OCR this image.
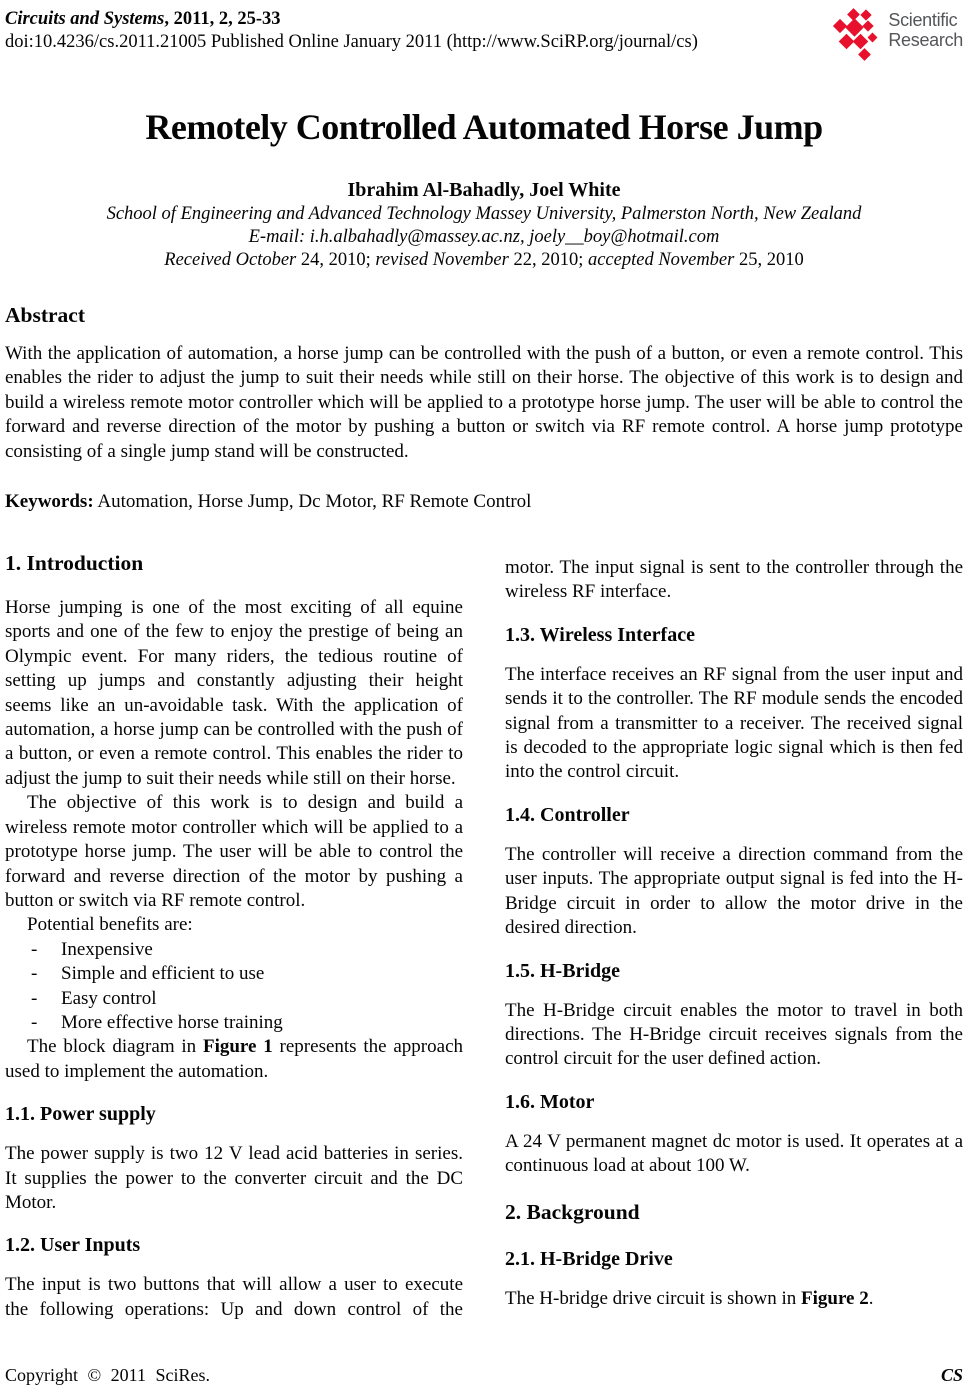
Circuits and Systems, 2011, 2, 25-33
doi:10.4236/cs.2011.21005 Published Online January 2011 (http://www.SciRP.org/journal/cs)
Scientific
Research
Remotely Controlled Automated Horse Jump
Ibrahim Al-Bahadly, Joel White
School of Engineering and Advanced Technology Massey University, Palmerston North, New Zealand
E-mail: i.h.albahadly@massey.ac.nz, joely__boy@hotmail.com
Received October 24, 2010; revised November 22, 2010; accepted November 25, 2010
Abstract

With the application of automation, a horse jump can be controlled with the push of a button, or even a remote control. This enables the rider to adjust the jump to suit their needs while still on their horse. The objective of this work is to design and build a wireless remote motor controller which will be applied to a prototype horse jump. The user will be able to control the forward and reverse direction of the motor by pushing a button or switch via RF remote control. A horse jump prototype consisting of a single jump stand will be constructed.

Keywords: Automation, Horse Jump, Dc Motor, RF Remote Control
1. Introduction

Horse jumping is one of the most exciting of all equine sports and one of the few to enjoy the prestige of being an Olympic event. For many riders, the tedious routine of setting up jumps and constantly adjusting their height seems like an un-avoidable task. With the application of automation, a horse jump can be controlled with the push of a button, or even a remote control. This enables the rider to adjust the jump to suit their needs while still on their horse.

The objective of this work is to design and build a wireless remote motor controller which will be applied to a prototype horse jump. The user will be able to control the forward and reverse direction of the motor by pushing a button or switch via RF remote control.

Potential benefits are:

-	Inexpensive
-	Simple and efficient to use
-	Easy control
-	More effective horse training

The block diagram in Figure 1 represents the approach used to implement the automation.

1.1. Power supply

The power supply is two 12 V lead acid batteries in series. It supplies the power to the converter circuit and the DC Motor.

1.2. User Inputs

The input is two buttons that will allow a user to execute the following operations: Up and down control of the

motor. The input signal is sent to the controller through the wireless RF interface.

1.3. Wireless Interface

The interface receives an RF signal from the user input and sends it to the controller. The RF module sends the encoded signal from a transmitter to a receiver. The received signal is decoded to the appropriate logic signal which is then fed into the control circuit.

1.4. Controller

The controller will receive a direction command from the user inputs. The appropriate output signal is fed into the H-Bridge circuit in order to allow the motor drive in the desired direction.

1.5. H-Bridge

The H-Bridge circuit enables the motor to travel in both directions. The H-Bridge circuit receives signals from the control circuit for the user defined action.

1.6. Motor

A 24 V permanent magnet dc motor is used. It operates at a continuous load at about 100 W.

2. Background
2.1. H-Bridge Drive

The H-bridge drive circuit is shown in Figure 2.

Copyright © 2011 SciRes.	CS
